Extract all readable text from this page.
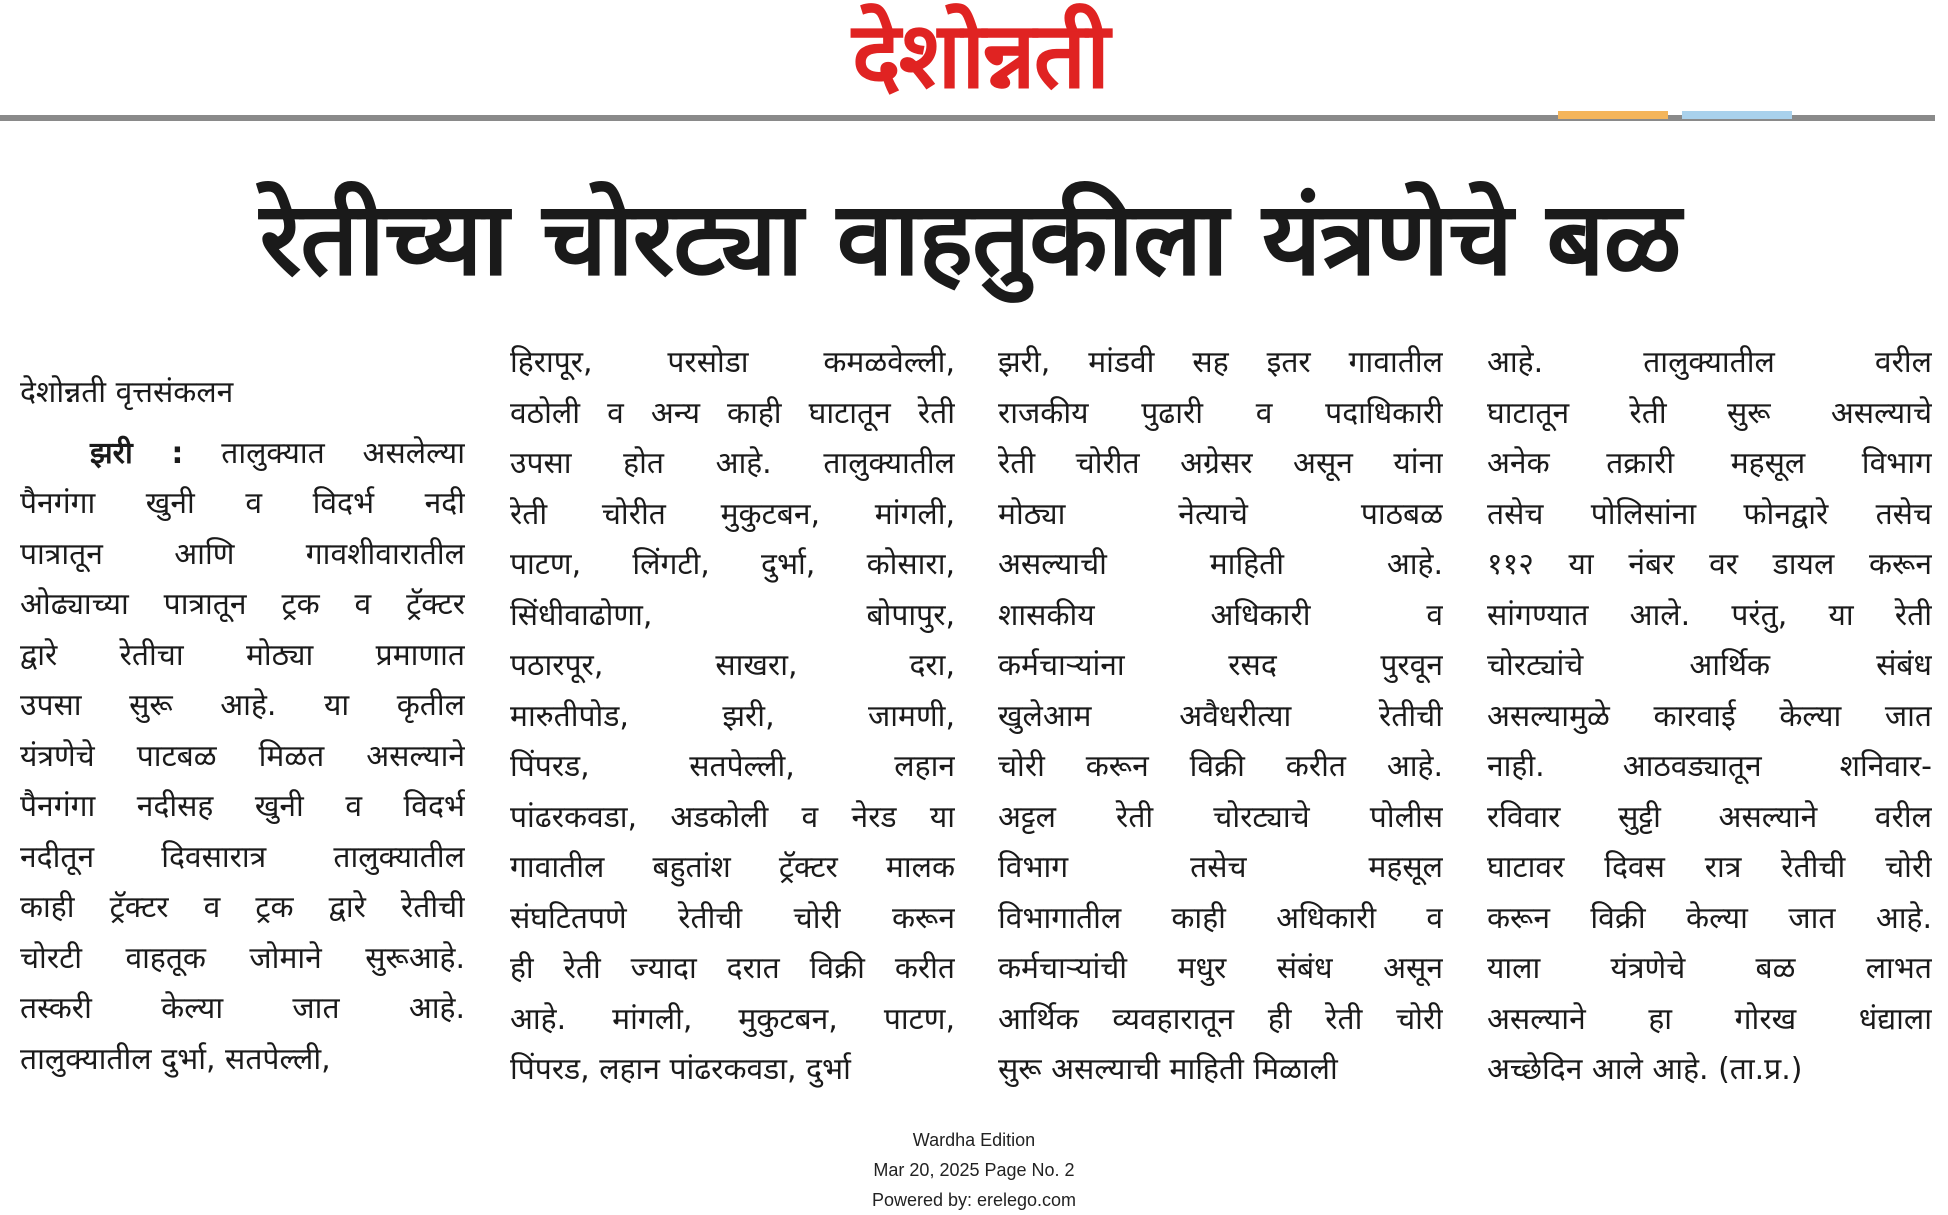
देशोन्नती
रेतीच्या चोरट्या वाहतुकीला यंत्रणेचे बळ
देशोन्नती वृत्तसंकलन
झरी : तालुक्यात असलेल्या
पैनगंगा खुनी व विदर्भ नदी
पात्रातून आणि गावशीवारातील
ओढ्याच्या पात्रातून ट्रक व ट्रॅक्टर
द्वारे रेतीचा मोठ्या प्रमाणात
उपसा सुरू आहे. या कृतील
यंत्रणेचे पाटबळ मिळत असल्याने
पैनगंगा नदीसह खुनी व विदर्भ
नदीतून दिवसारात्र तालुक्यातील
काही ट्रॅक्टर व ट्रक द्वारे रेतीची
चोरटी वाहतूक जोमाने सुरूआहे.
तस्करी केल्या जात आहे.
तालुक्यातील दुर्भा, सतपेल्ली,
हिरापूर, परसोडा कमळवेल्ली,
वठोली व अन्य काही घाटातून रेती
उपसा होत आहे. तालुक्यातील
रेती चोरीत मुकुटबन, मांगली,
पाटण, लिंगटी, दुर्भा, कोसारा,
सिंधीवाढोणा, बोपापुर,
पठारपूर, साखरा, दरा,
मारुतीपोड, झरी, जामणी,
पिंपरड, सतपेल्ली, लहान
पांढरकवडा, अडकोली व नेरड या
गावातील बहुतांश ट्रॅक्टर मालक
संघटितपणे रेतीची चोरी करून
ही रेती ज्यादा दरात विक्री करीत
आहे. मांगली, मुकुटबन, पाटण,
पिंपरड, लहान पांढरकवडा, दुर्भा
झरी, मांडवी सह इतर गावातील
राजकीय पुढारी व पदाधिकारी
रेती चोरीत अग्रेसर असून यांना
मोठ्या नेत्याचे पाठबळ
असल्याची माहिती आहे.
शासकीय अधिकारी व
कर्मचाऱ्यांना रसद पुरवून
खुलेआम अवैधरीत्या रेतीची
चोरी करून विक्री करीत आहे.
अट्टल रेती चोरट्याचे पोलीस
विभाग तसेच महसूल
विभागातील काही अधिकारी व
कर्मचाऱ्यांची मधुर संबंध असून
आर्थिक व्यवहारातून ही रेती चोरी
सुरू असल्याची माहिती मिळाली
आहे. तालुक्यातील वरील
घाटातून रेती सुरू असल्याचे
अनेक तक्रारी महसूल विभाग
तसेच पोलिसांना फोनद्वारे तसेच
११२ या नंबर वर डायल करून
सांगण्यात आले. परंतु, या रेती
चोरट्यांचे आर्थिक संबंध
असल्यामुळे कारवाई केल्या जात
नाही. आठवड्यातून शनिवार-
रविवार सुट्टी असल्याने वरील
घाटावर दिवस रात्र रेतीची चोरी
करून विक्री केल्या जात आहे.
याला यंत्रणेचे बळ लाभत
असल्याने हा गोरख धंद्याला
अच्छेदिन आले आहे. (ता.प्र.)
Wardha Edition
Mar 20, 2025 Page No. 2
Powered by: erelego.com
